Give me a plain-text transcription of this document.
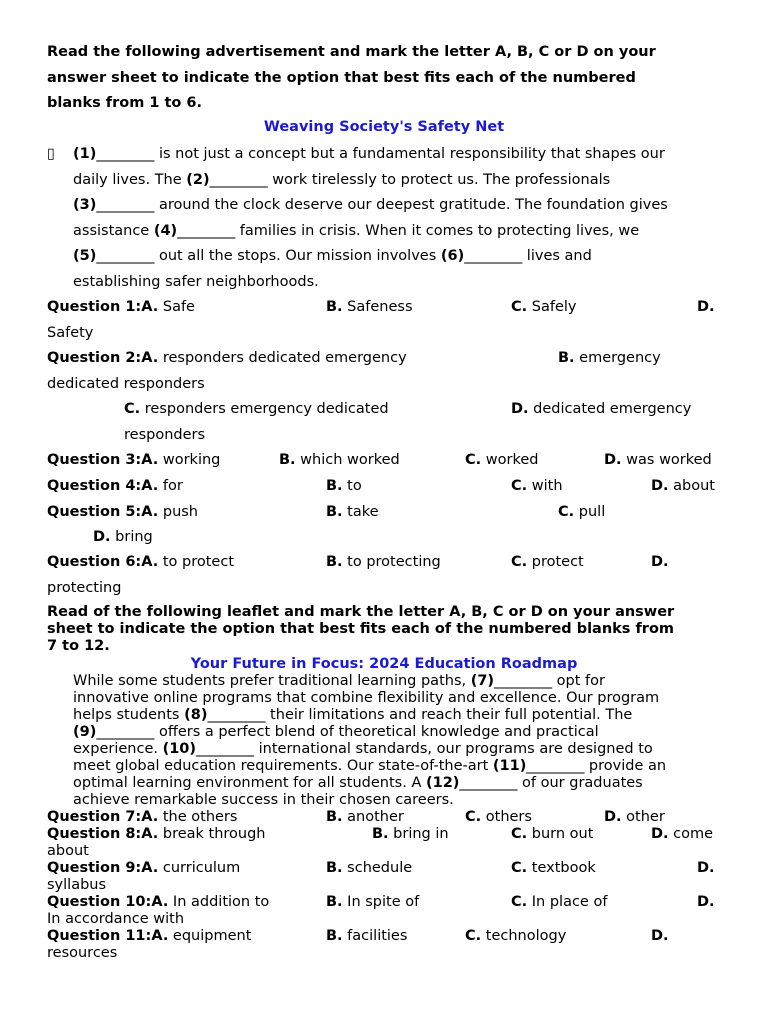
Read the following advertisement and mark the letter A, B, C or D on your
answer sheet to indicate the option that best fits each of the numbered
blanks from 1 to 6.
Weaving Society's Safety Net
▯ (1)________ is not just a concept but a fundamental responsibility that shapes our
daily lives. The (2)________ work tirelessly to protect us. The professionals
(3)________ around the clock deserve our deepest gratitude. The foundation gives
assistance (4)________ families in crisis. When it comes to protecting lives, we
(5)________ out all the stops. Our mission involves (6)________ lives and
establishing safer neighborhoods.
Question 1:A. Safe	B. Safeness	C. Safely	D.
Safety
Question 2:A. responders dedicated emergency	B. emergency
dedicated responders
C. responders emergency dedicated	D. dedicated emergency
responders
Question 3:A. working	B. which worked	C. worked	D. was worked
Question 4:A. for	B. to	C. with	D. about
Question 5:A. push	B. take	C. pull
D. bring
Question 6:A. to protect	B. to protecting	C. protect	D.
protecting
Read of the following leaflet and mark the letter A, B, C or D on your answer
sheet to indicate the option that best fits each of the numbered blanks from
7 to 12.
Your Future in Focus: 2024 Education Roadmap
While some students prefer traditional learning paths, (7)________ opt for
innovative online programs that combine flexibility and excellence. Our program
helps students (8)________ their limitations and reach their full potential. The
(9)________ offers a perfect blend of theoretical knowledge and practical
experience. (10)________ international standards, our programs are designed to
meet global education requirements. Our state-of-the-art (11)________ provide an
optimal learning environment for all students. A (12)________ of our graduates
achieve remarkable success in their chosen careers.
Question 7:A. the others	B. another	C. others	D. other
Question 8:A. break through	B. bring in	C. burn out	D. come
about
Question 9:A. curriculum	B. schedule	C. textbook	D.
syllabus
Question 10:A. In addition to	B. In spite of	C. In place of	D.
In accordance with
Question 11:A. equipment	B. facilities	C. technology	D.
resources
